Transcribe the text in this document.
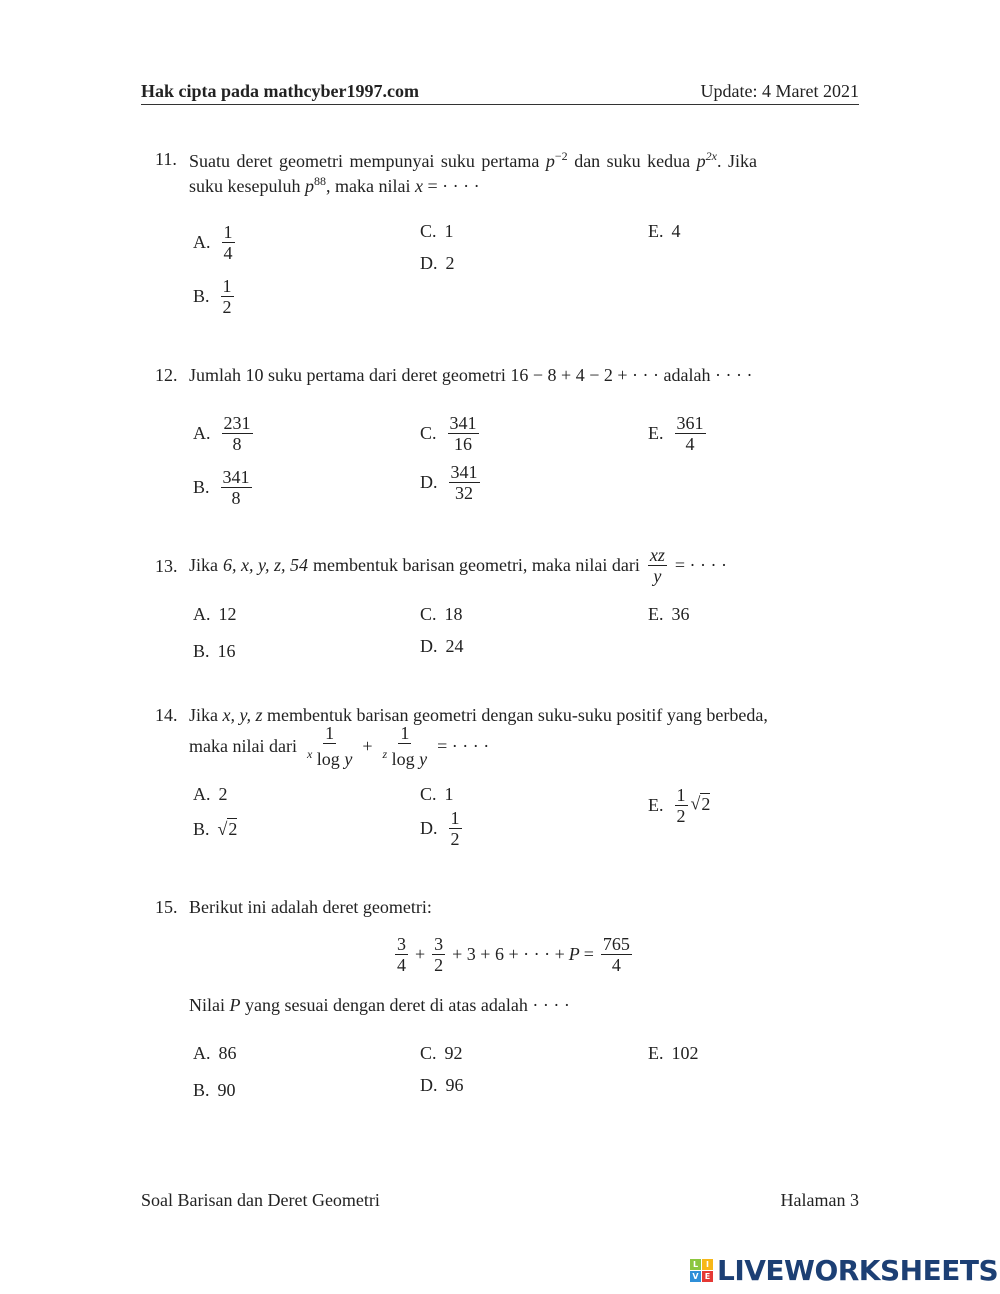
Hak cipta pada mathcyber1997.com	Update: 4 Maret 2021
11. Suatu deret geometri mempunyai suku pertama $p^{-2}$ dan suku kedua $p^{2x}$. Jika
suku kesepuluh $p^{88}$, maka nilai x = · · · ·
A. $\frac{1}{4}$
B. $\frac{1}{2}$
C. 1
D. 2
E. 4
12. Jumlah 10 suku pertama dari deret geometri 16 − 8 + 4 − 2 + · · · adalah · · · ·
A. $\frac{231}{8}$
B. $\frac{341}{8}$
C. $\frac{341}{16}$
D. $\frac{341}{32}$
E. $\frac{361}{4}$
13. Jika 6, x, y, z, 54 membentuk barisan geometri, maka nilai dari $\frac{xz}{y}$ = · · · ·
A. 12
B. 16
C. 18
D. 24
E. 36
14. Jika x, y, z membentuk barisan geometri dengan suku-suku positif yang berbeda,
maka nilai dari $\frac{1}{^x \log y} + \frac{1}{^z \log y}$ = · · · ·
A. 2
B. √2
C. 1
D. $\frac{1}{2}$
E. $\frac{1}{2} √2$
15. Berikut ini adalah deret geometri:
$\frac{3}{4} + \frac{3}{2} + 3 + 6$ + · · · + $P = \frac{765}{4}$
Nilai P yang sesuai dengan deret di atas adalah · · · ·
A. 86
B. 90
C. 92
D. 96
E. 102
Soal Barisan dan Deret Geometri	Halaman 3
L I
V E LIVEWORKSHEETS
